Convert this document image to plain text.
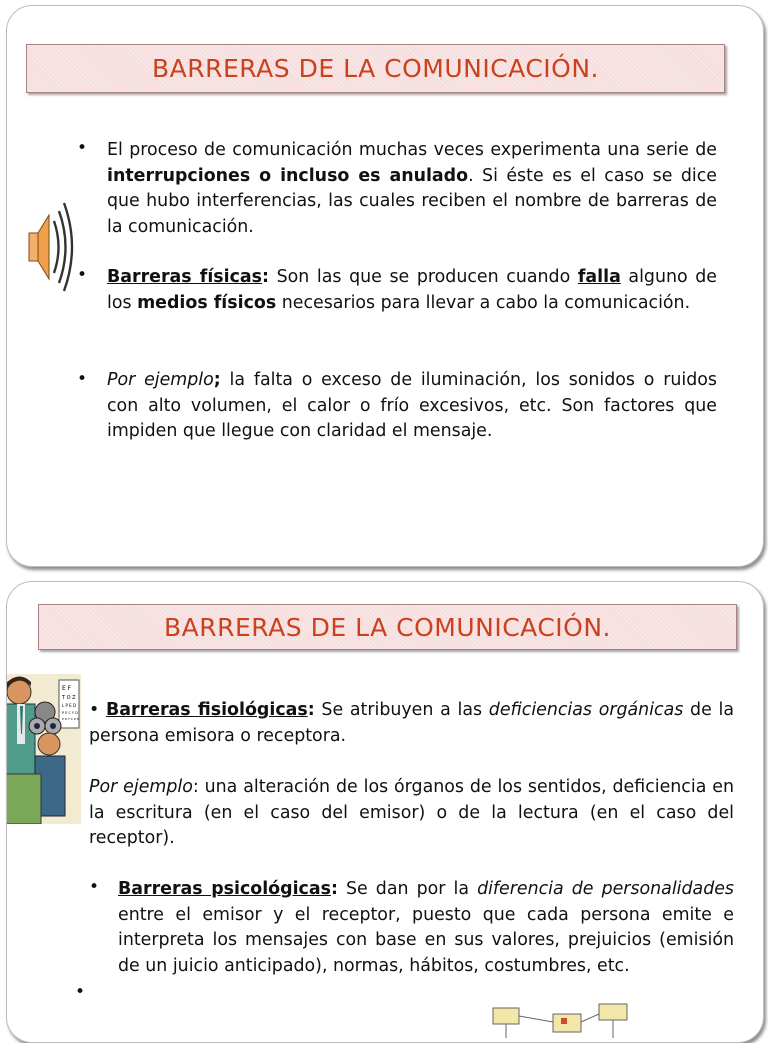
BARRERAS DE LA COMUNICACIÓN.
• El proceso de comunicación muchas veces experimenta una serie de interrupciones o incluso es anulado. Si éste es el caso se dice que hubo interferencias, las cuales reciben el nombre de barreras de la comunicación.
• Barreras físicas: Son las que se producen cuando falla alguno de los medios físicos necesarios para llevar a cabo la comunicación.
• Por ejemplo; la falta o exceso de iluminación, los sonidos o ruidos con alto volumen, el calor o frío excesivos, etc. Son factores que impiden que llegue con claridad el mensaje.
BARRERAS DE LA COMUNICACIÓN.
E F
T O Z
L P E D
P E C F D
E D F C Z P • Barreras fisiológicas: Se atribuyen a las deficiencias orgánicas de la persona emisora o receptora.
Por ejemplo: una alteración de los órganos de los sentidos, deficiencia en la escritura (en el caso del emisor) o de la lectura (en el caso del receptor).
• Barreras psicológicas: Se dan por la diferencia de personalidades entre el emisor y el receptor, puesto que cada persona emite e interpreta los mensajes con base en sus valores, prejuicios (emisión de un juicio anticipado), normas, hábitos, costumbres, etc.
•
